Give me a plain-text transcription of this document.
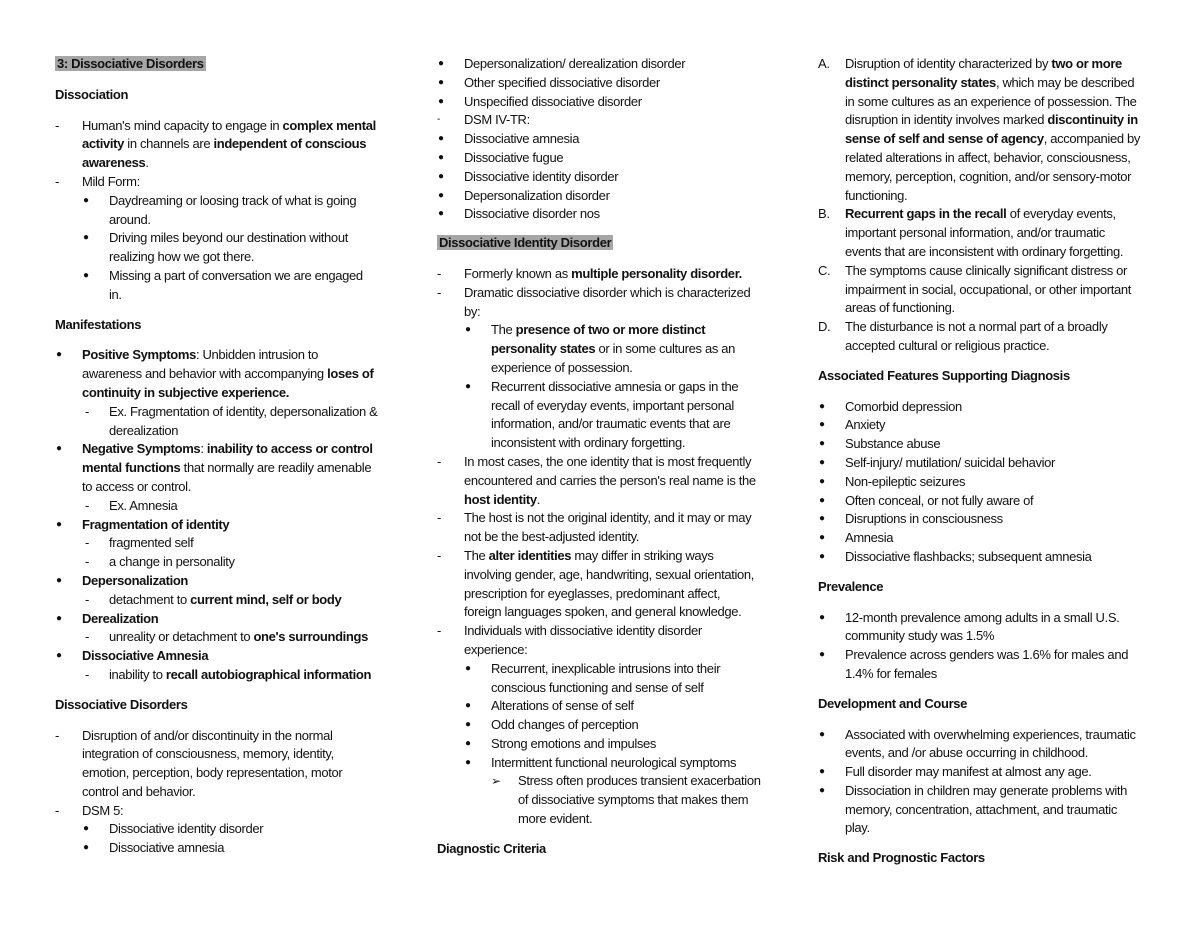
3: Dissociative Disorders
Dissociation
- Human's mind capacity to engage in complex mental
activity in channels are independent of conscious
awareness.
- Mild Form:
● Daydreaming or loosing track of what is going
around.
● Driving miles beyond our destination without
realizing how we got there.
● Missing a part of conversation we are engaged
in.
Manifestations
● Positive Symptoms: Unbidden intrusion to
awareness and behavior with accompanying loses of
continuity in subjective experience.
- Ex. Fragmentation of identity, depersonalization &
derealization
● Negative Symptoms: inability to access or control
mental functions that normally are readily amenable
to access or control.
- Ex. Amnesia
● Fragmentation of identity
- fragmented self
- a change in personality
● Depersonalization
- detachment to current mind, self or body
● Derealization
- unreality or detachment to one's surroundings
● Dissociative Amnesia
- inability to recall autobiographical information
Dissociative Disorders
- Disruption of and/or discontinuity in the normal
integration of consciousness, memory, identity,
emotion, perception, body representation, motor
control and behavior.
- DSM 5:
● Dissociative identity disorder
● Dissociative amnesia
● Depersonalization/ derealization disorder
● Other specified dissociative disorder
● Unspecified dissociative disorder
- DSM IV-TR:
● Dissociative amnesia
● Dissociative fugue
● Dissociative identity disorder
● Depersonalization disorder
● Dissociative disorder nos
Dissociative Identity Disorder
- Formerly known as multiple personality disorder.
- Dramatic dissociative disorder which is characterized
by:
● The presence of two or more distinct
personality states or in some cultures as an
experience of possession.
● Recurrent dissociative amnesia or gaps in the
recall of everyday events, important personal
information, and/or traumatic events that are
inconsistent with ordinary forgetting.
- In most cases, the one identity that is most frequently
encountered and carries the person's real name is the
host identity.
- The host is not the original identity, and it may or may
not be the best-adjusted identity.
- The alter identities may differ in striking ways
involving gender, age, handwriting, sexual orientation,
prescription for eyeglasses, predominant affect,
foreign languages spoken, and general knowledge.
- Individuals with dissociative identity disorder
experience:
● Recurrent, inexplicable intrusions into their
conscious functioning and sense of self
● Alterations of sense of self
● Odd changes of perception
● Strong emotions and impulses
● Intermittent functional neurological symptoms
➢ Stress often produces transient exacerbation
of dissociative symptoms that makes them
more evident.
Diagnostic Criteria
A. Disruption of identity characterized by two or more
distinct personality states, which may be described
in some cultures as an experience of possession. The
disruption in identity involves marked discontinuity in
sense of self and sense of agency, accompanied by
related alterations in affect, behavior, consciousness,
memory, perception, cognition, and/or sensory-motor
functioning.
B. Recurrent gaps in the recall of everyday events,
important personal information, and/or traumatic
events that are inconsistent with ordinary forgetting.
C. The symptoms cause clinically significant distress or
impairment in social, occupational, or other important
areas of functioning.
D. The disturbance is not a normal part of a broadly
accepted cultural or religious practice.
Associated Features Supporting Diagnosis
● Comorbid depression
● Anxiety
● Substance abuse
● Self-injury/ mutilation/ suicidal behavior
● Non-epileptic seizures
● Often conceal, or not fully aware of
● Disruptions in consciousness
● Amnesia
● Dissociative flashbacks; subsequent amnesia
Prevalence
● 12-month prevalence among adults in a small U.S.
community study was 1.5%
● Prevalence across genders was 1.6% for males and
1.4% for females
Development and Course
● Associated with overwhelming experiences, traumatic
events, and /or abuse occurring in childhood.
● Full disorder may manifest at almost any age.
● Dissociation in children may generate problems with
memory, concentration, attachment, and traumatic
play.
Risk and Prognostic Factors
